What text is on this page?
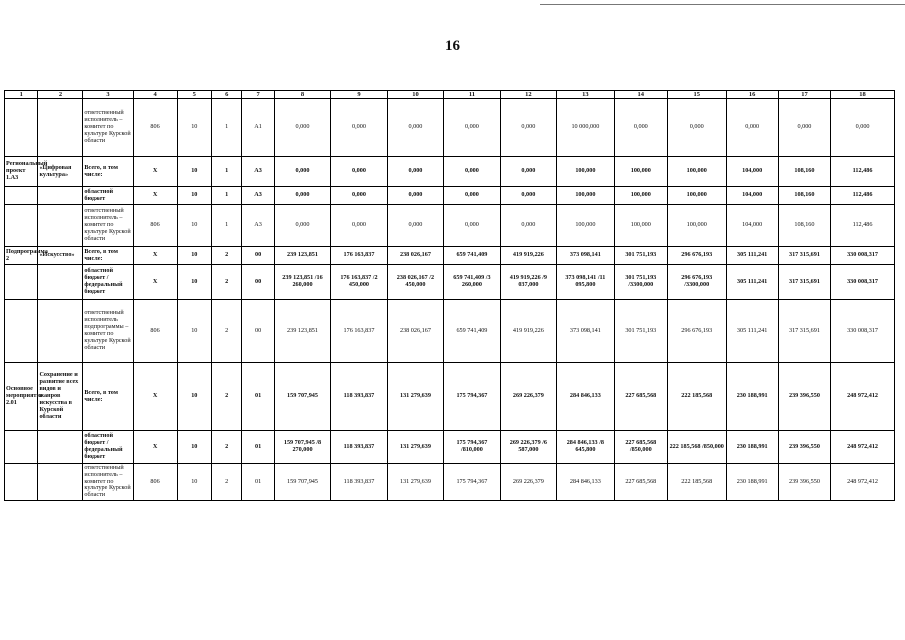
16
1	2	3	4	5	6	7	8	9	10	11	12	13	14	15	16	17	18
		ответственный исполнитель – комитет по культуре Курской области	806	10	1	А1	0,000	0,000	0,000	0,000	0,000	10 000,000	0,000	0,000	0,000	0,000	0,000
Региональный проект 1.А3	«Цифровая культура»	Всего, в том числе:	X	10	1	А3	0,000	0,000	0,000	0,000	0,000	100,000	100,000	100,000	104,000	108,160	112,486
		областной бюджет	X	10	1	А3	0,000	0,000	0,000	0,000	0,000	100,000	100,000	100,000	104,000	108,160	112,486
		ответственный исполнитель – комитет по культуре Курской области	806	10	1	А3	0,000	0,000	0,000	0,000	0,000	100,000	100,000	100,000	104,000	108,160	112,486
Подпрограмма 2	«Искусство»	Всего, в том числе:	X	10	2	00	239 123,851	176 163,837	238 026,167	659 741,409	419 919,226	373 098,141	301 751,193	296 676,193	305 111,241	317 315,691	330 008,317
		областной бюджет /федеральный бюджет	X	10	2	00	239 123,851 /16 260,000	176 163,837 /2 450,000	238 026,167 /2 450,000	659 741,409 /3 260,000	419 919,226 /9 037,000	373 098,141 /11 095,800	301 751,193 /3300,000	296 676,193 /3300,000	305 111,241	317 315,691	330 008,317
		ответственный исполнитель подпрограммы – комитет по культуре Курской области	806	10	2	00	239 123,851	176 163,837	238 026,167	659 741,409	419 919,226	373 098,141	301 751,193	296 676,193	305 111,241	317 315,691	330 008,317
Основное мероприятие 2.01	Сохранение и развитие всех видов и жанров искусства в Курской области	Всего, в том числе:	X	10	2	01	159 707,945	118 393,837	131 279,639	175 794,367	269 226,379	284 846,133	227 685,568	222 185,568	230 188,991	239 396,550	248 972,412
		областной бюджет /федеральный бюджет	X	10	2	01	159 707,945 /8 270,000	118 393,837	131 279,639	175 794,367 /810,000	269 226,379 /6 587,000	284 846,133 /8 645,800	227 685,568 /850,000	222 185,568 /850,000	230 188,991	239 396,550	248 972,412
		ответственный исполнитель – комитет по культуре Курской области	806	10	2	01	159 707,945	118 393,837	131 279,639	175 794,367	269 226,379	284 846,133	227 685,568	222 185,568	230 188,991	239 396,550	248 972,412
